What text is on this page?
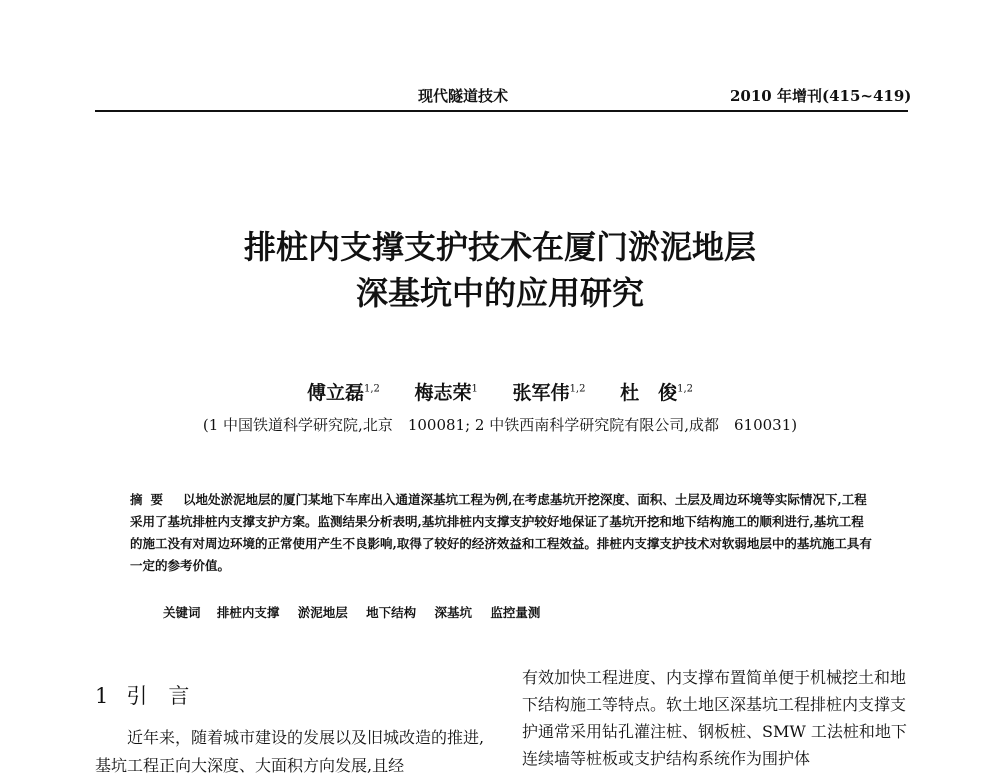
现代隧道技术	2010 年增刊(415~419)
排桩内支撑支护技术在厦门淤泥地层
深基坑中的应用研究
傅立磊$^{1,2}$ 梅志荣$^1$ 张军伟$^{1,2}$ 杜　俊$^{1,2}$
(1 中国铁道科学研究院,北京　100081; 2 中铁西南科学研究院有限公司,成都　610031)
摘要 以地处淤泥地层的厦门某地下车库出入通道深基坑工程为例,在考虑基坑开挖深度、面积、土层及周边环境等实际情况下,工程采用了基坑排桩内支撑支护方案。监测结果分析表明,基坑排桩内支撑支护较好地保证了基坑开挖和地下结构施工的顺利进行,基坑工程的施工没有对周边环境的正常使用产生不良影响,取得了较好的经济效益和工程效益。排桩内支撑支护技术对软弱地层中的基坑施工具有一定的参考价值。
关键词 排桩内支撑 淤泥地层 地下结构 深基坑 监控量测
1 引　言
近年来，随着城市建设的发展以及旧城改造的推进,基坑工程正向大深度、大面积方向发展,且经
有效加快工程进度、内支撑布置简单便于机械挖土和地下结构施工等特点。软土地区深基坑工程排桩内支撑支护通常采用钻孔灌注桩、钢板桩、SMW 工法桩和地下连续墙等桩板或支护结构系统作为围护体
